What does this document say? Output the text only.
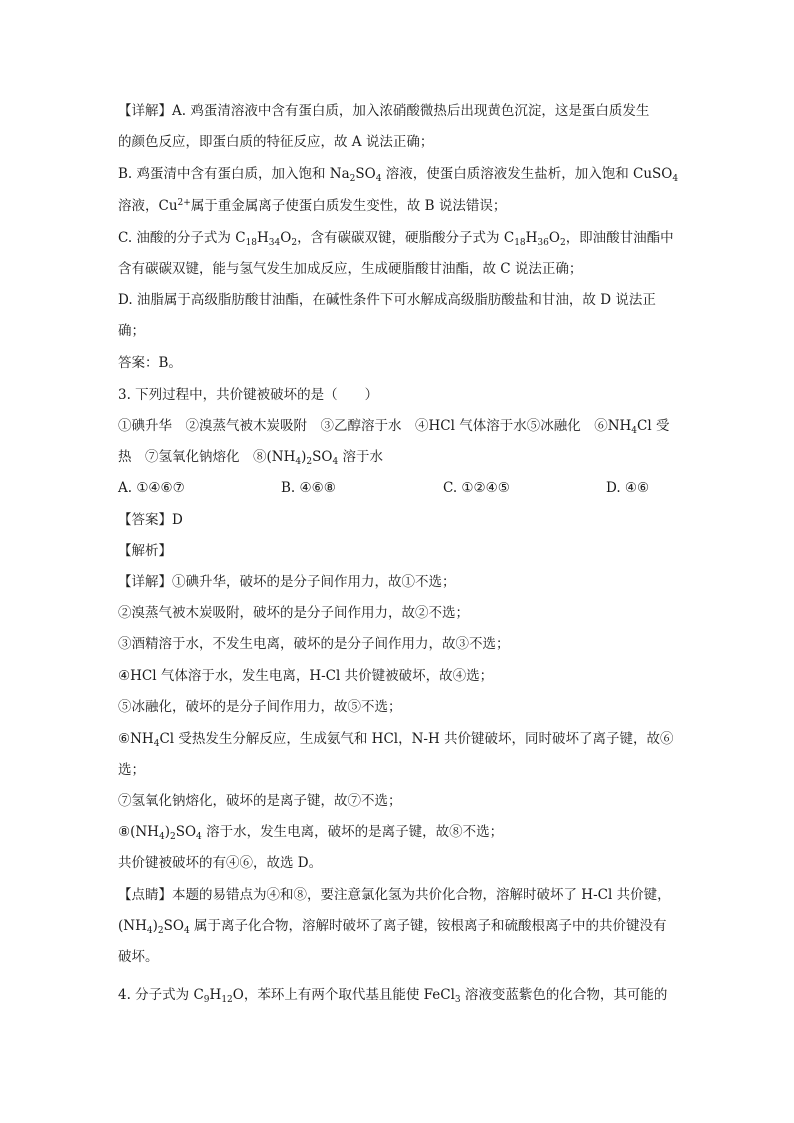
【详解】A. 鸡蛋清溶液中含有蛋白质，加入浓硝酸微热后出现黄色沉淀，这是蛋白质发生
的颜色反应，即蛋白质的特征反应，故 A 说法正确；
B. 鸡蛋清中含有蛋白质，加入饱和 $Na_2SO_4$ 溶液，使蛋白质溶液发生盐析，加入饱和 CuSO$_4$
溶液，$Cu^{2+}$属于重金属离子使蛋白质发生变性，故 B 说法错误；
C. 油酸的分子式为 $C_{18}H_{34}O_2$，含有碳碳双键，硬脂酸分子式为 $C_{18}H_{36}O_2$，即油酸甘油酯中
含有碳碳双键，能与氢气发生加成反应，生成硬脂酸甘油酯，故 C 说法正确；
D. 油脂属于高级脂肪酸甘油酯，在碱性条件下可水解成高级脂肪酸盐和甘油，故 D 说法正
确；
答案：B。
3. 下列过程中，共价键被破坏的是（　　）
①碘升华　②溴蒸气被木炭吸附　③乙醇溶于水　④HCl 气体溶于水⑤冰融化　$⑥NH_4Cl$ 受
热　⑦氢氧化钠熔化　$⑧(NH_4)_2SO_4$ 溶于水
A. ①④⑥⑦	B. ④⑥⑧	C. ①②④⑤	D. ④⑥
【答案】D
【解析】
【详解】①碘升华，破坏的是分子间作用力，故①不选；
②溴蒸气被木炭吸附，破坏的是分子间作用力，故②不选；
③酒精溶于水，不发生电离，破坏的是分子间作用力，故③不选；
④HCl 气体溶于水，发生电离，H-Cl 共价键被破坏，故④选；
⑤冰融化，破坏的是分子间作用力，故⑤不选；
$⑥NH_4Cl$ 受热发生分解反应，生成氨气和 HCl，N-H 共价键破坏，同时破坏了离子键，故⑥
选；
⑦氢氧化钠熔化，破坏的是离子键，故⑦不选；
$⑧(NH_4)_2SO_4$ 溶于水，发生电离，破坏的是离子键，故⑧不选；
共价键被破坏的有④⑥，故选 D。
【点睛】本题的易错点为④和⑧，要注意氯化氢为共价化合物，溶解时破坏了 H-Cl 共价键，
$(NH_4)_2SO_4$ 属于离子化合物，溶解时破坏了离子键，铵根离子和硫酸根离子中的共价键没有
破坏。
4. 分子式为 $C_9H_{12}O$，苯环上有两个取代基且能使 FeCl$_3$ 溶液变蓝紫色的化合物，其可能的
